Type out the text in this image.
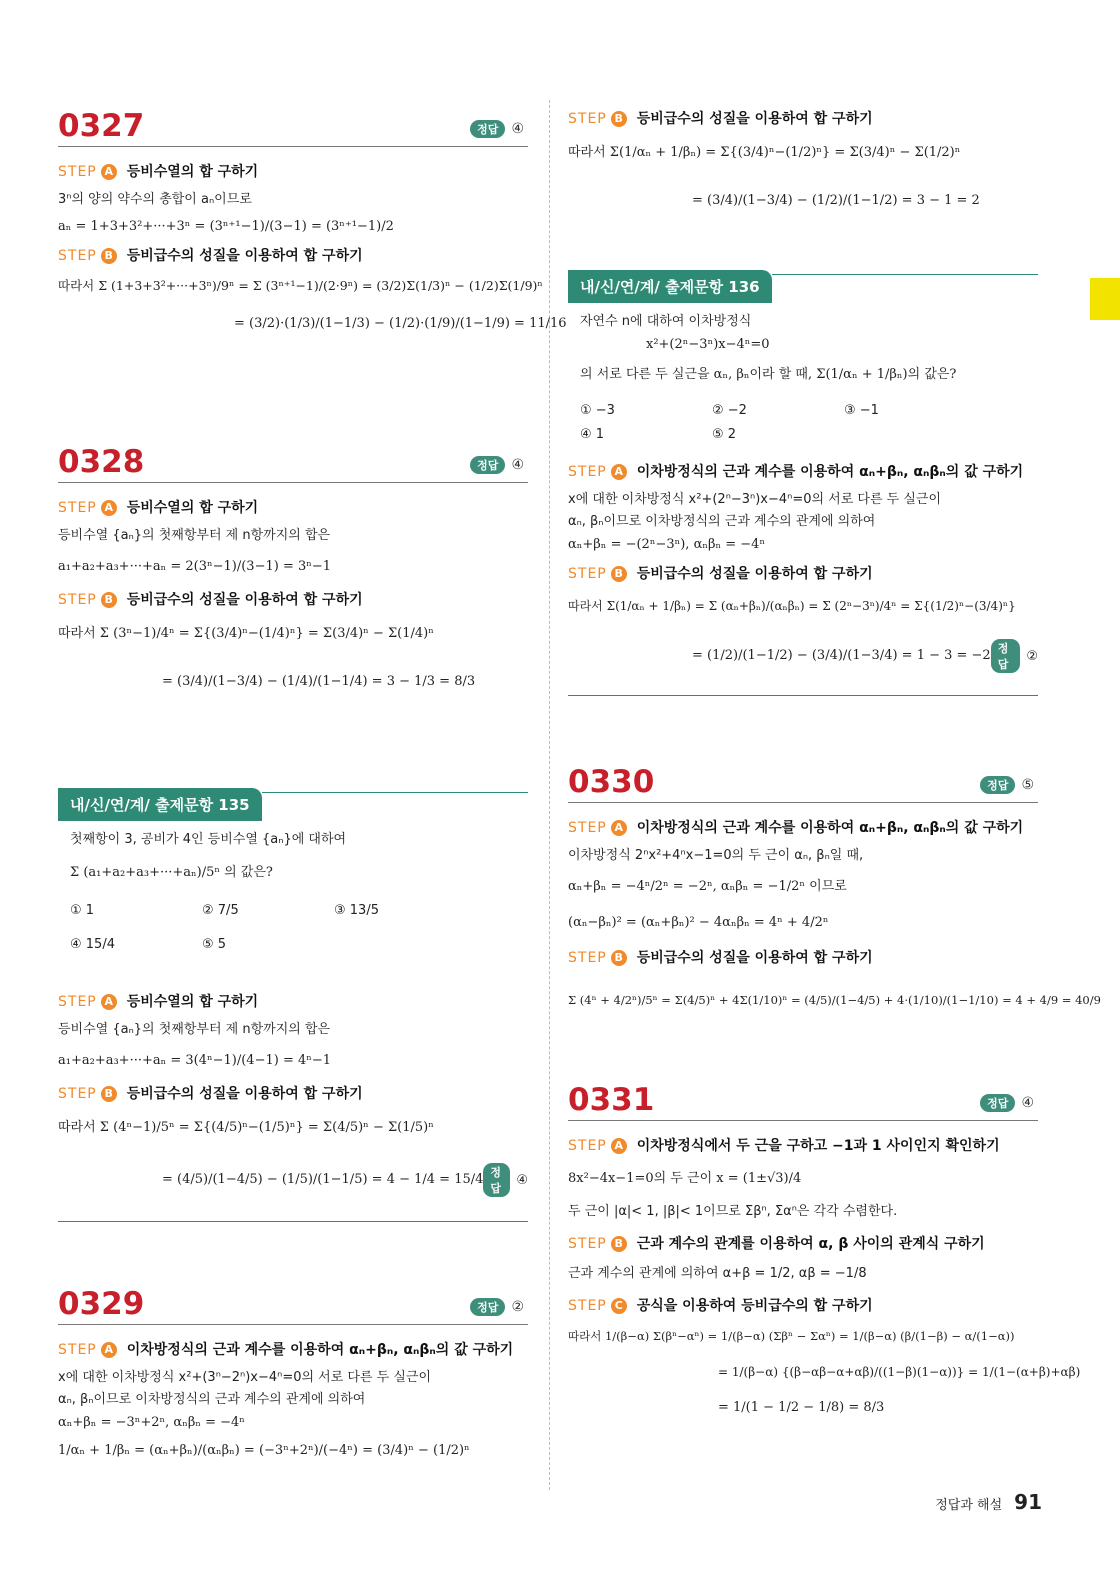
0327	정답 ④
STEP A 등비수열의 합 구하기
3ⁿ의 양의 약수의 총합이 aₙ이므로
aₙ = 1+3+3²+···+3ⁿ = (3ⁿ⁺¹−1)/(3−1) = (3ⁿ⁺¹−1)/2
STEP B 등비급수의 성질을 이용하여 합 구하기
따라서 Σ (1+3+3²+···+3ⁿ)/9ⁿ = Σ (3ⁿ⁺¹−1)/(2·9ⁿ) = (3/2)Σ(1/3)ⁿ − (1/2)Σ(1/9)ⁿ
= (3/2)·(1/3)/(1−1/3) − (1/2)·(1/9)/(1−1/9) = 11/16
0328	정답 ④
STEP A 등비수열의 합 구하기
등비수열 {aₙ}의 첫째항부터 제 n항까지의 합은
a₁+a₂+a₃+···+aₙ = 2(3ⁿ−1)/(3−1) = 3ⁿ−1
STEP B 등비급수의 성질을 이용하여 합 구하기
따라서 Σ (3ⁿ−1)/4ⁿ = Σ{(3/4)ⁿ−(1/4)ⁿ} = Σ(3/4)ⁿ − Σ(1/4)ⁿ
= (3/4)/(1−3/4) − (1/4)/(1−1/4) = 3 − 1/3 = 8/3
내/신/연/계/ 출제문항 135
첫째항이 3, 공비가 4인 등비수열 {aₙ}에 대하여
Σ (a₁+a₂+a₃+···+aₙ)/5ⁿ 의 값은?
① 1	② 7/5	③ 13/5
④ 15/4	⑤ 5
STEP A 등비수열의 합 구하기
등비수열 {aₙ}의 첫째항부터 제 n항까지의 합은
a₁+a₂+a₃+···+aₙ = 3(4ⁿ−1)/(4−1) = 4ⁿ−1
STEP B 등비급수의 성질을 이용하여 합 구하기
따라서 Σ (4ⁿ−1)/5ⁿ = Σ{(4/5)ⁿ−(1/5)ⁿ} = Σ(4/5)ⁿ − Σ(1/5)ⁿ
= (4/5)/(1−4/5) − (1/5)/(1−1/5) = 4 − 1/4 = 15/4 정답
④
0329	정답 ②
STEP A 이차방정식의 근과 계수를 이용하여 αₙ+βₙ, αₙβₙ의 값 구하기
x에 대한 이차방정식 x²+(3ⁿ−2ⁿ)x−4ⁿ=0의 서로 다른 두 실근이
αₙ, βₙ이므로 이차방정식의 근과 계수의 관계에 의하여
αₙ+βₙ = −3ⁿ+2ⁿ, αₙβₙ = −4ⁿ
1/αₙ + 1/βₙ = (αₙ+βₙ)/(αₙβₙ) = (−3ⁿ+2ⁿ)/(−4ⁿ) = (3/4)ⁿ − (1/2)ⁿ
STEP B 등비급수의 성질을 이용하여 합 구하기
따라서 Σ(1/αₙ + 1/βₙ) = Σ{(3/4)ⁿ−(1/2)ⁿ} = Σ(3/4)ⁿ − Σ(1/2)ⁿ
= (3/4)/(1−3/4) − (1/2)/(1−1/2) = 3 − 1 = 2
내/신/연/계/ 출제문항 136
자연수 n에 대하여 이차방정식
x²+(2ⁿ−3ⁿ)x−4ⁿ=0
의 서로 다른 두 실근을 αₙ, βₙ이라 할 때, Σ(1/αₙ + 1/βₙ)의 값은?
① −3	② −2	③ −1
④ 1	⑤ 2
STEP A 이차방정식의 근과 계수를 이용하여 αₙ+βₙ, αₙβₙ의 값 구하기
x에 대한 이차방정식 x²+(2ⁿ−3ⁿ)x−4ⁿ=0의 서로 다른 두 실근이
αₙ, βₙ이므로 이차방정식의 근과 계수의 관계에 의하여
αₙ+βₙ = −(2ⁿ−3ⁿ), αₙβₙ = −4ⁿ
STEP B 등비급수의 성질을 이용하여 합 구하기
따라서 Σ(1/αₙ + 1/βₙ) = Σ (αₙ+βₙ)/(αₙβₙ) = Σ (2ⁿ−3ⁿ)/4ⁿ = Σ{(1/2)ⁿ−(3/4)ⁿ}
= (1/2)/(1−1/2) − (3/4)/(1−3/4) = 1 − 3 = −2 정답
②
0330	정답 ⑤
STEP A 이차방정식의 근과 계수를 이용하여 αₙ+βₙ, αₙβₙ의 값 구하기
이차방정식 2ⁿx²+4ⁿx−1=0의 두 근이 αₙ, βₙ일 때,
αₙ+βₙ = −4ⁿ/2ⁿ = −2ⁿ, αₙβₙ = −1/2ⁿ 이므로
(αₙ−βₙ)² = (αₙ+βₙ)² − 4αₙβₙ = 4ⁿ + 4/2ⁿ
STEP B 등비급수의 성질을 이용하여 합 구하기
Σ (4ⁿ + 4/2ⁿ)/5ⁿ = Σ(4/5)ⁿ + 4Σ(1/10)ⁿ = (4/5)/(1−4/5) + 4·(1/10)/(1−1/10) = 4 + 4/9 = 40/9
0331	정답 ④
STEP A 이차방정식에서 두 근을 구하고 −1과 1 사이인지 확인하기
8x²−4x−1=0의 두 근이 x = (1±√3)/4
두 근이 |α|< 1, |β|< 1이므로 Σβⁿ, Σαⁿ은 각각 수렴한다.
STEP B 근과 계수의 관계를 이용하여 α, β 사이의 관계식 구하기
근과 계수의 관계에 의하여 α+β = 1/2, αβ = −1/8
STEP C 공식을 이용하여 등비급수의 합 구하기
따라서 1/(β−α) Σ(βⁿ−αⁿ) = 1/(β−α) (Σβⁿ − Σαⁿ) = 1/(β−α) (β/(1−β) − α/(1−α))
= 1/(β−α) {(β−αβ−α+αβ)/((1−β)(1−α))} = 1/(1−(α+β)+αβ)
= 1/(1 − 1/2 − 1/8) = 8/3
정답과 해설 91
